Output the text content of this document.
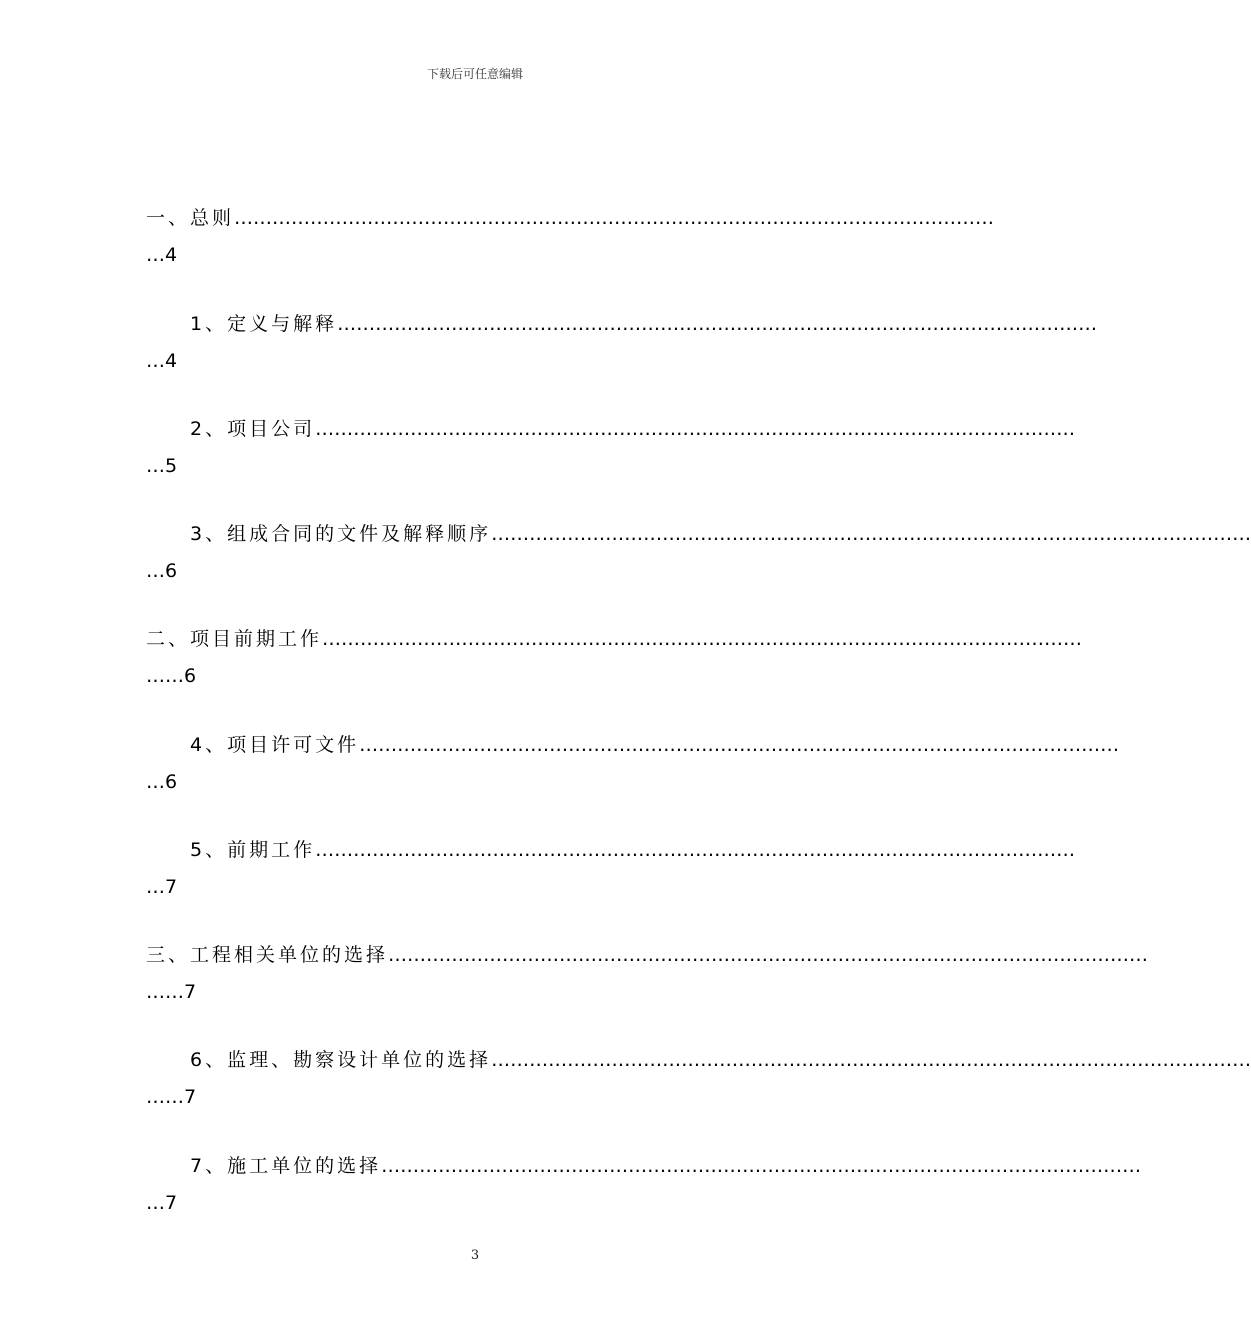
下载后可任意编辑
一、总则…………………………………………………………………………………………………………
…4
1、定义与解释…………………………………………………………………………………………………………
…4
2、项目公司…………………………………………………………………………………………………………
…5
3、组成合同的文件及解释顺序…………………………………………………………………………………………………………
…6
二、项目前期工作…………………………………………………………………………………………………………
……6
4、项目许可文件…………………………………………………………………………………………………………
…6
5、前期工作…………………………………………………………………………………………………………
…7
三、工程相关单位的选择…………………………………………………………………………………………………………
……7
6、监理、勘察设计单位的选择…………………………………………………………………………………………………………
……7
7、施工单位的选择…………………………………………………………………………………………………………
…7
3
